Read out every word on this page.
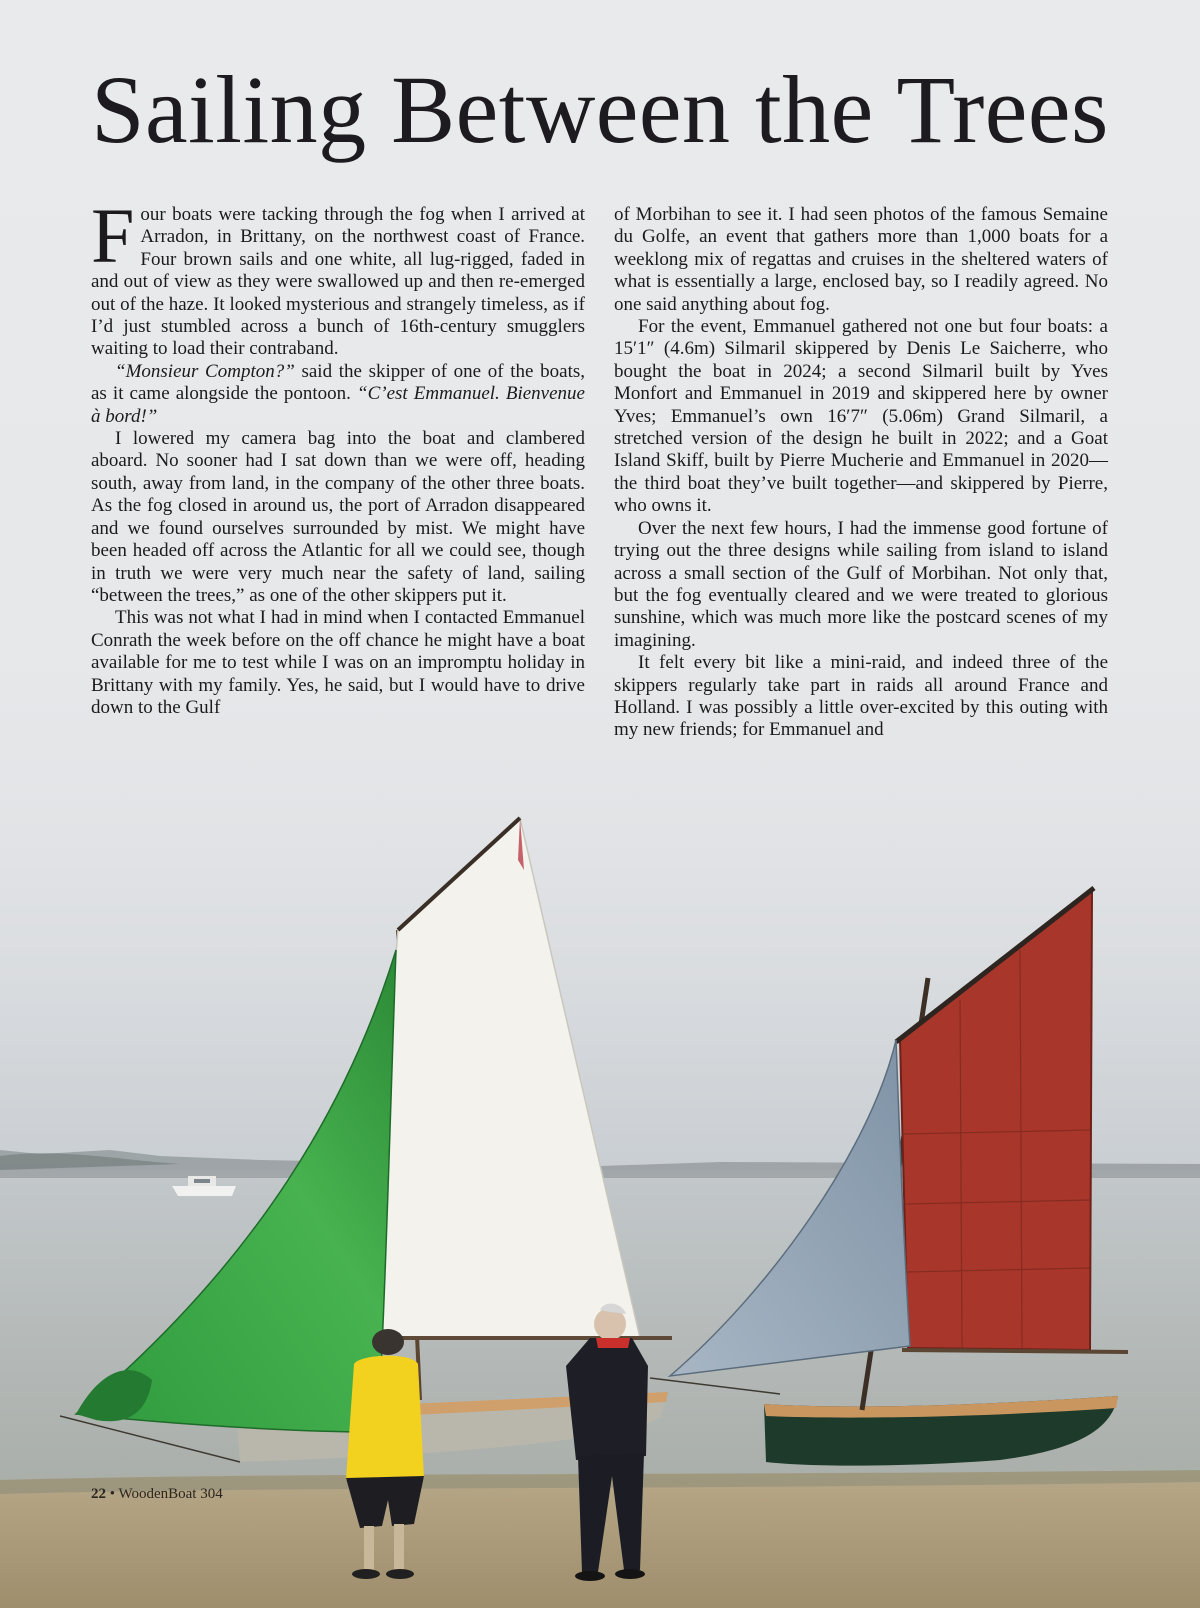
Sailing Between the Trees

Four boats were tacking through the fog when I arrived at Arradon, in Brittany, on the northwest coast of France. Four brown sails and one white, all lug-rigged, faded in and out of view as they were swallowed up and then re-emerged out of the haze. It looked mysterious and strangely timeless, as if I’d just stumbled across a bunch of 16th-century smugglers waiting to load their contraband.

“Monsieur Compton?” said the skipper of one of the boats, as it came alongside the pontoon. “C’est Emmanuel. Bienvenue à bord!”

I lowered my camera bag into the boat and clambered aboard. No sooner had I sat down than we were off, heading south, away from land, in the company of the other three boats. As the fog closed in around us, the port of Arradon disappeared and we found ourselves surrounded by mist. We might have been headed off across the Atlantic for all we could see, though in truth we were very much near the safety of land, sailing “between the trees,” as one of the other skippers put it.

This was not what I had in mind when I contacted Emmanuel Conrath the week before on the off chance he might have a boat available for me to test while I was on an impromptu holiday in Brittany with my family. Yes, he said, but I would have to drive down to the Gulf

of Morbihan to see it. I had seen photos of the famous Semaine du Golfe, an event that gathers more than 1,000 boats for a weeklong mix of regattas and cruises in the sheltered waters of what is essentially a large, enclosed bay, so I readily agreed. No one said anything about fog.

For the event, Emmanuel gathered not one but four boats: a 15′1″ (4.6m) Silmaril skippered by Denis Le Saicherre, who bought the boat in 2024; a second Silmaril built by Yves Monfort and Emmanuel in 2019 and skippered here by owner Yves; Emmanuel’s own 16′7″ (5.06m) Grand Silmaril, a stretched version of the design he built in 2022; and a Goat Island Skiff, built by Pierre Mucherie and Emmanuel in 2020—the third boat they’ve built together—and skippered by Pierre, who owns it.

Over the next few hours, I had the immense good fortune of trying out the three designs while sailing from island to island across a small section of the Gulf of Morbihan. Not only that, but the fog eventually cleared and we were treated to glorious sunshine, which was much more like the postcard scenes of my imagining.

It felt every bit like a mini-raid, and indeed three of the skippers regularly take part in raids all around France and Holland. I was possibly a little over-excited by this outing with my new friends; for Emmanuel and

22 • WoodenBoat 304
